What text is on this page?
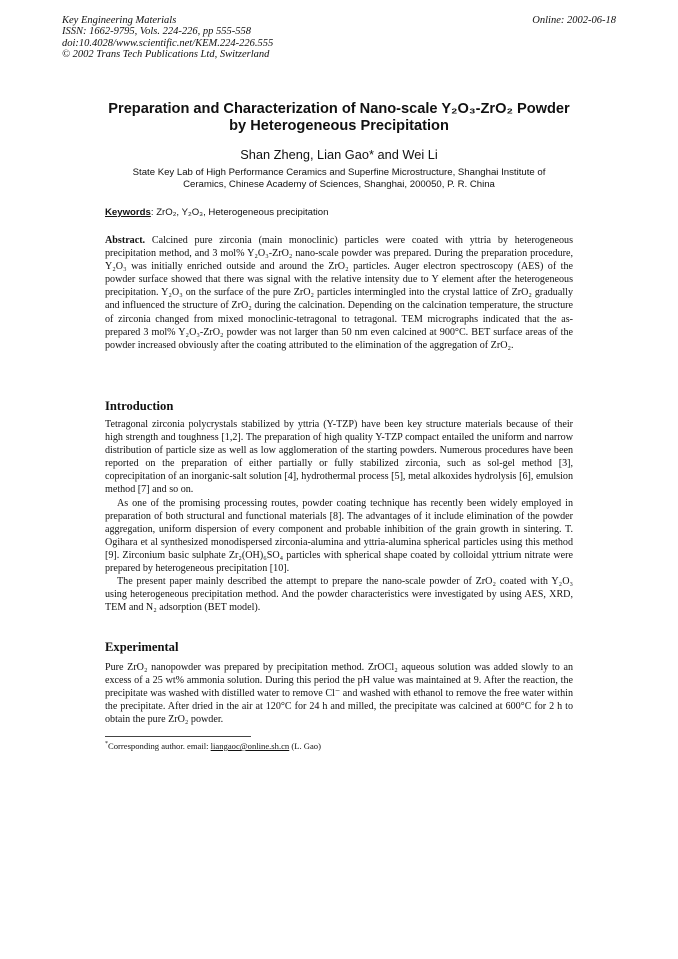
Key Engineering Materials
ISSN: 1662-9795, Vols. 224-226, pp 555-558
doi:10.4028/www.scientific.net/KEM.224-226.555
© 2002 Trans Tech Publications Ltd, Switzerland
Online: 2002-06-18
Preparation and Characterization of Nano-scale Y₂O₃-ZrO₂ Powder
by Heterogeneous Precipitation
Shan Zheng, Lian Gao* and Wei Li
State Key Lab of High Performance Ceramics and Superfine Microstructure, Shanghai Institute of
Ceramics, Chinese Academy of Sciences, Shanghai, 200050, P. R. China
Keywords: ZrO₂, Y₂O₃, Heterogeneous precipitation
Abstract. Calcined pure zirconia (main monoclinic) particles were coated with yttria by heterogeneous precipitation method, and 3 mol% Y₂O₃-ZrO₂ nano-scale powder was prepared. During the preparation procedure, Y₂O₃ was initially enriched outside and around the ZrO₂ particles. Auger electron spectroscopy (AES) of the powder surface showed that there was signal with the relative intensity due to Y element after the heterogeneous precipitation. Y₂O₃ on the surface of the pure ZrO₂ particles intermingled into the crystal lattice of ZrO₂ gradually and influenced the structure of ZrO₂ during the calcination. Depending on the calcination temperature, the structure of zirconia changed from mixed monoclinic-tetragonal to tetragonal. TEM micrographs indicated that the as-prepared 3 mol% Y₂O₃-ZrO₂ powder was not larger than 50 nm even calcined at 900°C. BET surface areas of the powder increased obviously after the coating attributed to the elimination of the aggregation of ZrO₂.
Introduction

Tetragonal zirconia polycrystals stabilized by yttria (Y-TZP) have been key structure materials because of their high strength and toughness [1,2]. The preparation of high quality Y-TZP compact entailed the uniform and narrow distribution of particle size as well as low agglomeration of the starting powders. Numerous procedures have been reported on the preparation of either partially or fully stabilized zirconia, such as sol-gel method [3], coprecipitation of an inorganic-salt solution [4], hydrothermal process [5], metal alkoxides hydrolysis [6], emulsion method [7] and so on.

As one of the promising processing routes, powder coating technique has recently been widely employed in preparation of both structural and functional materials [8]. The advantages of it include elimination of the powder aggregation, uniform dispersion of every component and probable inhibition of the grain growth in sintering. T. Ogihara et al synthesized monodispersed zirconia-alumina and yttria-alumina spherical particles using this method [9]. Zirconium basic sulphate Zr₂(OH)₆SO₄ particles with spherical shape coated by colloidal yttrium nitrate were prepared by heterogeneous precipitation [10].

The present paper mainly described the attempt to prepare the nano-scale powder of ZrO₂ coated with Y₂O₃ using heterogeneous precipitation method. And the powder characteristics were investigated by using AES, XRD, TEM and N₂ adsorption (BET model).

Experimental
Pure ZrO₂ nanopowder was prepared by precipitation method. ZrOCl₂ aqueous solution was added slowly to an excess of a 25 wt% ammonia solution. During this period the pH value was maintained at 9. After the reaction, the precipitate was washed with distilled water to remove Cl⁻ and washed with ethanol to remove the free water within the precipitate. After dried in the air at 120°C for 24 h and milled, the precipitate was calcined at 600°C for 2 h to obtain the pure ZrO₂ powder.
*Corresponding author. email: liangaoc@online.sh.cn (L. Gao)
